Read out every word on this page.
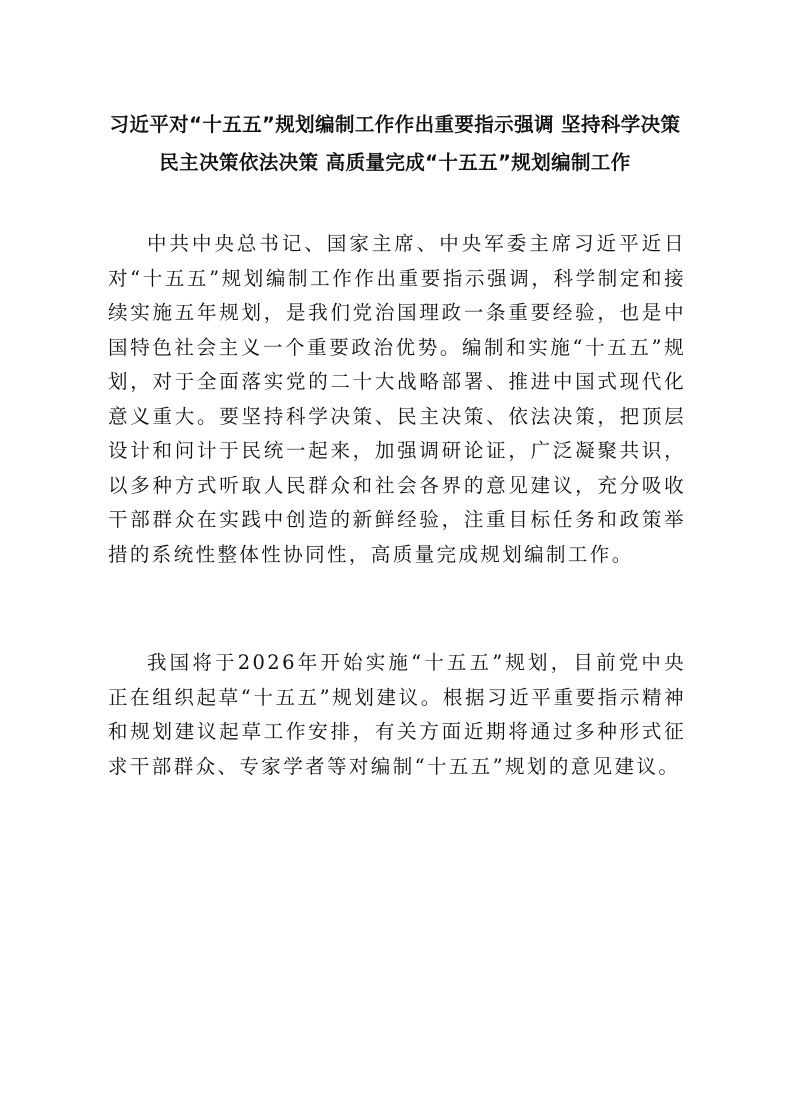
习近平对“十五五”规划编制工作作出重要指示强调 坚持科学决策民主决策依法决策 高质量完成“十五五”规划编制工作

中共中央总书记、国家主席、中央军委主席习近平近日对“十五五”规划编制工作作出重要指示强调，科学制定和接续实施五年规划，是我们党治国理政一条重要经验，也是中国特色社会主义一个重要政治优势。编制和实施“十五五”规划，对于全面落实党的二十大战略部署、推进中国式现代化意义重大。要坚持科学决策、民主决策、依法决策，把顶层设计和问计于民统一起来，加强调研论证，广泛凝聚共识，以多种方式听取人民群众和社会各界的意见建议，充分吸收干部群众在实践中创造的新鲜经验，注重目标任务和政策举措的系统性整体性协同性，高质量完成规划编制工作。

我国将于2026年开始实施“十五五”规划，目前党中央正在组织起草“十五五”规划建议。根据习近平重要指示精神和规划建议起草工作安排，有关方面近期将通过多种形式征求干部群众、专家学者等对编制“十五五”规划的意见建议。
